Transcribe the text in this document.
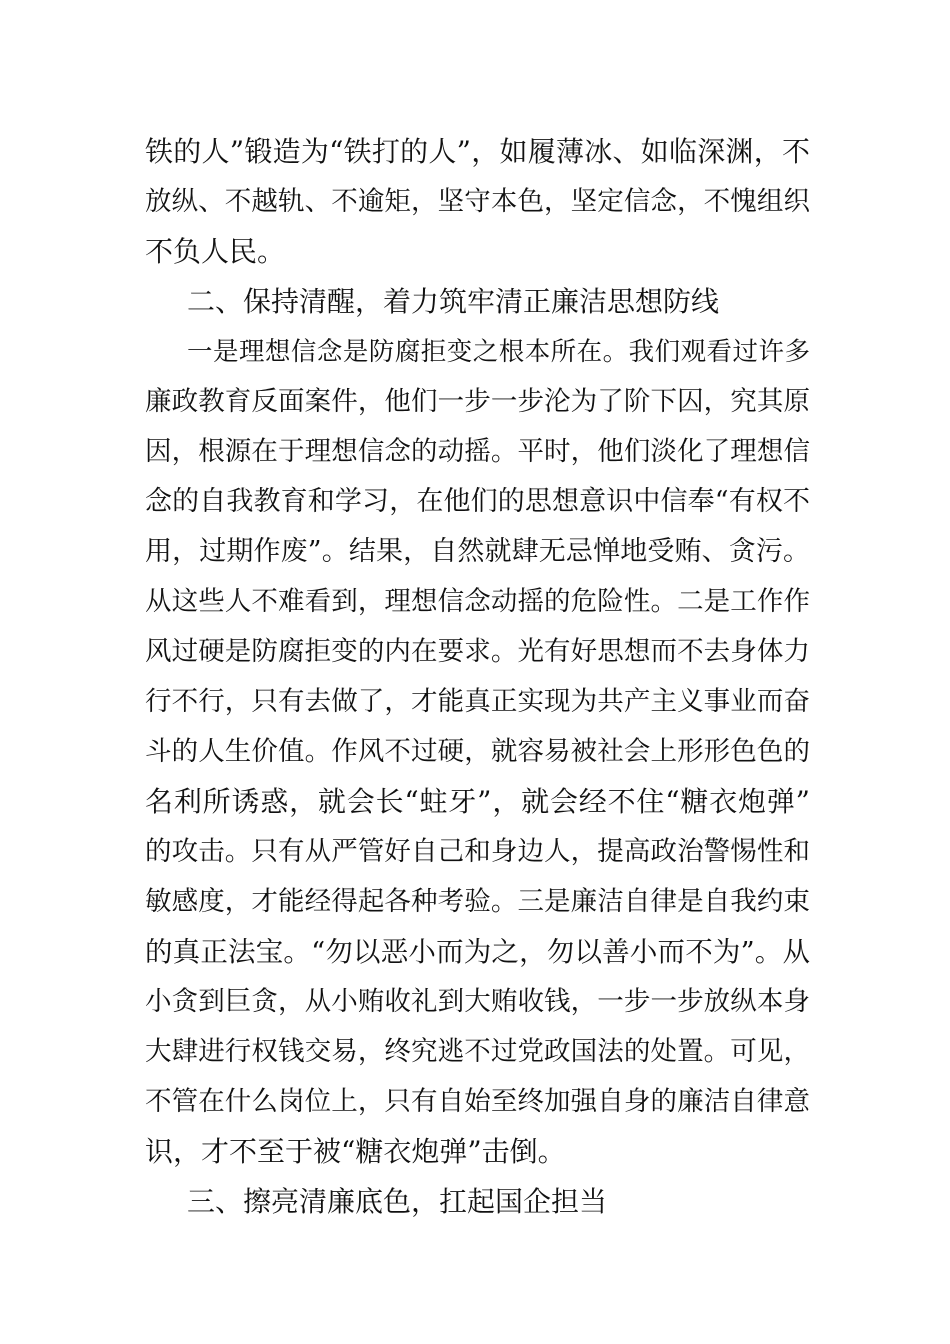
铁的人”锻造为“铁打的人”，如履薄冰、如临深渊，不
放纵、不越轨、不逾矩，坚守本色，坚定信念，不愧组织
不负人民。
二、保持清醒，着力筑牢清正廉洁思想防线
一是理想信念是防腐拒变之根本所在。我们观看过许多
廉政教育反面案件，他们一步一步沦为了阶下囚，究其原
因，根源在于理想信念的动摇。平时，他们淡化了理想信
念的自我教育和学习，在他们的思想意识中信奉“有权不
用，过期作废”。结果，自然就肆无忌惮地受贿、贪污。
从这些人不难看到，理想信念动摇的危险性。二是工作作
风过硬是防腐拒变的内在要求。光有好思想而不去身体力
行不行，只有去做了，才能真正实现为共产主义事业而奋
斗的人生价值。作风不过硬，就容易被社会上形形色色的
名利所诱惑，就会长“蛀牙”，就会经不住“糖衣炮弹”
的攻击。只有从严管好自己和身边人，提高政治警惕性和
敏感度，才能经得起各种考验。三是廉洁自律是自我约束
的真正法宝。“勿以恶小而为之，勿以善小而不为”。从
小贪到巨贪，从小贿收礼到大贿收钱，一步一步放纵本身
大肆进行权钱交易，终究逃不过党政国法的处置。可见，
不管在什么岗位上，只有自始至终加强自身的廉洁自律意
识，才不至于被“糖衣炮弹”击倒。
三、擦亮清廉底色，扛起国企担当
